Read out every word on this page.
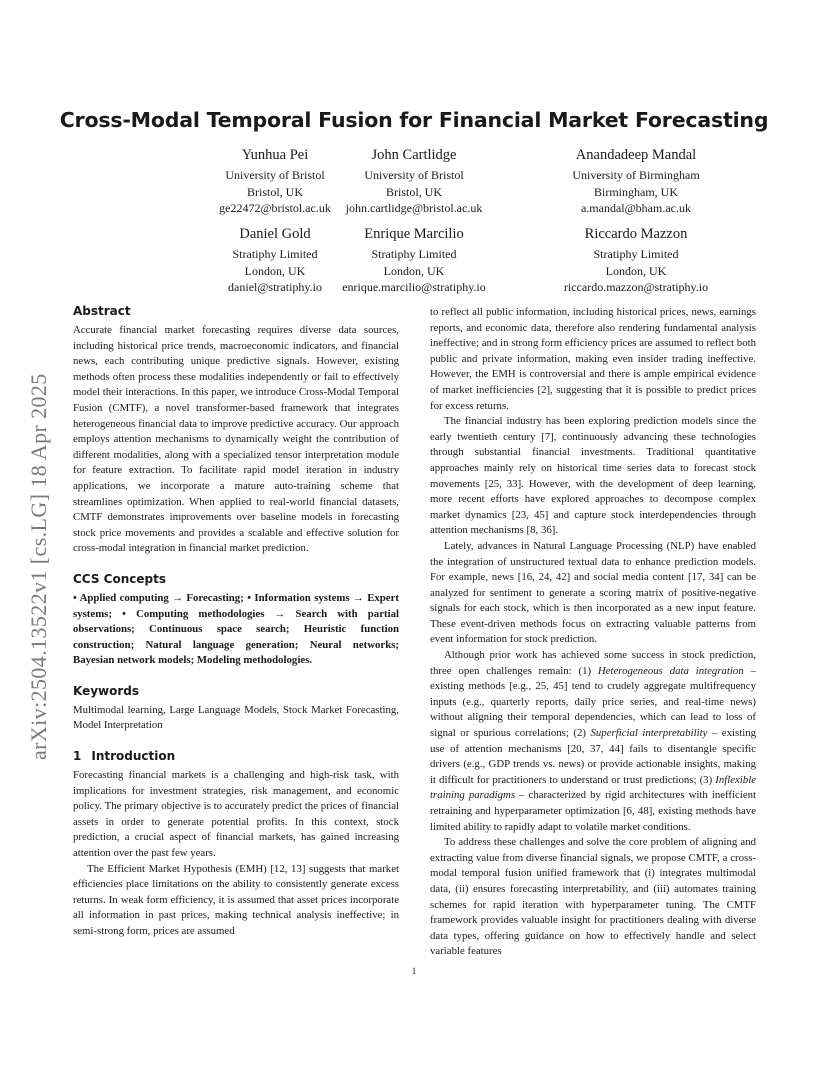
Cross-Modal Temporal Fusion for Financial Market Forecasting
Yunhua Pei
University of Bristol
Bristol, UK
ge22472@bristol.ac.uk
John Cartlidge
University of Bristol
Bristol, UK
john.cartlidge@bristol.ac.uk
Anandadeep Mandal
University of Birmingham
Birmingham, UK
a.mandal@bham.ac.uk
Daniel Gold
Stratiphy Limited
London, UK
daniel@stratiphy.io
Enrique Marcilio
Stratiphy Limited
London, UK
enrique.marcilio@stratiphy.io
Riccardo Mazzon
Stratiphy Limited
London, UK
riccardo.mazzon@stratiphy.io
arXiv:2504.13522v1 [cs.LG] 18 Apr 2025
Abstract

Accurate financial market forecasting requires diverse data sources, including historical price trends, macroeconomic indicators, and financial news, each contributing unique predictive signals. However, existing methods often process these modalities independently or fail to effectively model their interactions. In this paper, we introduce Cross-Modal Temporal Fusion (CMTF), a novel transformer-based framework that integrates heterogeneous financial data to improve predictive accuracy. Our approach employs attention mechanisms to dynamically weight the contribution of different modalities, along with a specialized tensor interpretation module for feature extraction. To facilitate rapid model iteration in industry applications, we incorporate a mature auto-training scheme that streamlines optimization. When applied to real-world financial datasets, CMTF demonstrates improvements over baseline models in forecasting stock price movements and provides a scalable and effective solution for cross-modal integration in financial market prediction.

CCS Concepts

• Applied computing → Forecasting; • Information systems → Expert systems; • Computing methodologies → Search with partial observations; Continuous space search; Heuristic function construction; Natural language generation; Neural networks; Bayesian network models; Modeling methodologies.

Keywords

Multimodal learning, Large Language Models, Stock Market Forecasting, Model Interpretation

1 Introduction

Forecasting financial markets is a challenging and high-risk task, with implications for investment strategies, risk management, and economic policy. The primary objective is to accurately predict the prices of financial assets in order to generate potential profits. In this context, stock prediction, a crucial aspect of financial markets, has gained increasing attention over the past few years.

The Efficient Market Hypothesis (EMH) [12, 13] suggests that market efficiencies place limitations on the ability to consistently generate excess returns. In weak form efficiency, it is assumed that asset prices incorporate all information in past prices, making technical analysis ineffective; in semi-strong form, prices are assumed

to reflect all public information, including historical prices, news, earnings reports, and economic data, therefore also rendering fundamental analysis ineffective; and in strong form efficiency prices are assumed to reflect both public and private information, making even insider trading ineffective. However, the EMH is controversial and there is ample empirical evidence of market inefficiencies [2], suggesting that it is possible to predict prices for excess returns.

The financial industry has been exploring prediction models since the early twentieth century [7], continuously advancing these technologies through substantial financial investments. Traditional quantitative approaches mainly rely on historical time series data to forecast stock movements [25, 33]. However, with the development of deep learning, more recent efforts have explored approaches to decompose complex market dynamics [23, 45] and capture stock interdependencies through attention mechanisms [8, 36].

Lately, advances in Natural Language Processing (NLP) have enabled the integration of unstructured textual data to enhance prediction models. For example, news [16, 24, 42] and social media content [17, 34] can be analyzed for sentiment to generate a scoring matrix of positive-negative signals for each stock, which is then incorporated as a new input feature. These event-driven methods focus on extracting valuable patterns from event information for stock prediction.

Although prior work has achieved some success in stock prediction, three open challenges remain: (1) Heterogeneous data integration – existing methods [e.g., 25, 45] tend to crudely aggregate multifrequency inputs (e.g., quarterly reports, daily price series, and real-time news) without aligning their temporal dependencies, which can lead to loss of signal or spurious correlations; (2) Superficial interpretability – existing use of attention mechanisms [20, 37, 44] fails to disentangle specific drivers (e.g., GDP trends vs. news) or provide actionable insights, making it difficult for practitioners to understand or trust predictions; (3) Inflexible training paradigms – characterized by rigid architectures with inefficient retraining and hyperparameter optimization [6, 48], existing methods have limited ability to rapidly adapt to volatile market conditions.

To address these challenges and solve the core problem of aligning and extracting value from diverse financial signals, we propose CMTF, a cross-modal temporal fusion unified framework that (i) integrates multimodal data, (ii) ensures forecasting interpretability, and (iii) automates training schemes for rapid iteration with hyperparameter tuning. The CMTF framework provides valuable insight for practitioners dealing with diverse data types, offering guidance on how to effectively handle and select variable features

1
